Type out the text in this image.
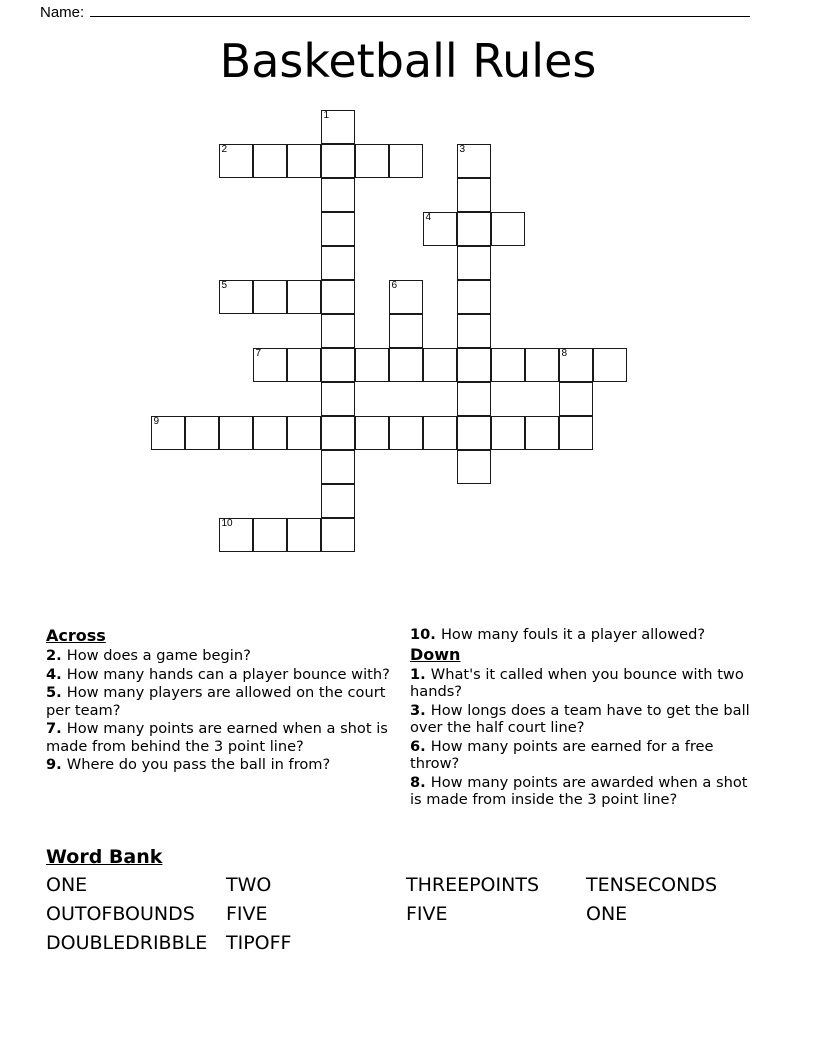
Name:
Basketball Rules
1
2	3
4
5	6
7	8
9
10
Across

2. How does a game begin?

4. How many hands can a player bounce with?

5. How many players are allowed on the court per team?

7. How many points are earned when a shot is made from behind the 3 point line?

9. Where do you pass the ball in from?

10. How many fouls it a player allowed?

Down

1. What's it called when you bounce with two hands?

3. How longs does a team have to get the ball over the half court line?

6. How many points are earned for a free throw?

8. How many points are awarded when a shot is made from inside the 3 point line?

Word Bank
ONE	TWO	THREEPOINTS TENSECONDS
OUTOFBOUNDS FIVE	FIVE	ONE
DOUBLEDRIBBLE TIPOFF
